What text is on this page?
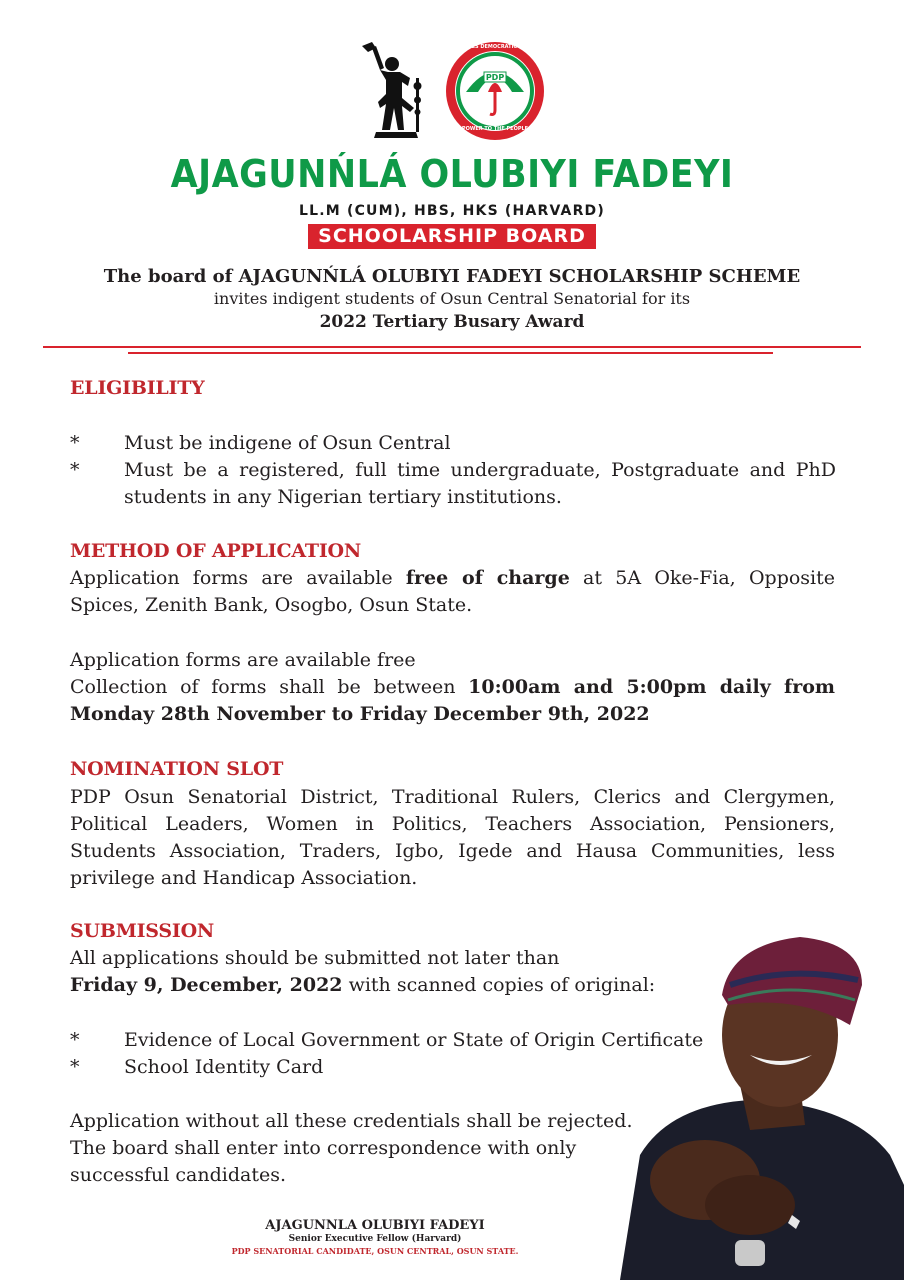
PDP
PEOPLES DEMOCRATIC PARTY
POWER TO THE PEOPLE
AJAGUNŃLÁ OLUBIYI FADEYI
LL.M (CUM), HBS, HKS (HARVARD)
SCHOOLARSHIP BOARD
The board of AJAGUNŃLÁ OLUBIYI FADEYI SCHOLARSHIP SCHEME
invites indigent students of Osun Central Senatorial for its
2022 Tertiary Busary Award
ELIGIBILITY
* Must be indigene of Osun Central
* Must be a registered, full time undergraduate, Postgraduate and PhD students in any Nigerian tertiary institutions.
METHOD OF APPLICATION
Application forms are available free of charge at 5A Oke-Fia, Opposite Spices, Zenith Bank, Osogbo, Osun State.
Application forms are available free
Collection of forms shall be between 10:00am and 5:00pm daily from Monday 28th November to Friday December 9th, 2022
NOMINATION SLOT
PDP Osun Senatorial District, Traditional Rulers, Clerics and Clergymen, Political Leaders, Women in Politics, Teachers Association, Pensioners, Students Association, Traders, Igbo, Igede and Hausa Communities, less privilege and Handicap Association.
SUBMISSION
All applications should be submitted not later than
Friday 9, December, 2022 with scanned copies of original:
* Evidence of Local Government or State of Origin Certificate
* School Identity Card
Application without all these credentials shall be rejected.
The board shall enter into correspondence with only
successful candidates.
AJAGUNNLA OLUBIYI FADEYI
Senior Executive Fellow (Harvard)
PDP SENATORIAL CANDIDATE, OSUN CENTRAL, OSUN STATE.
